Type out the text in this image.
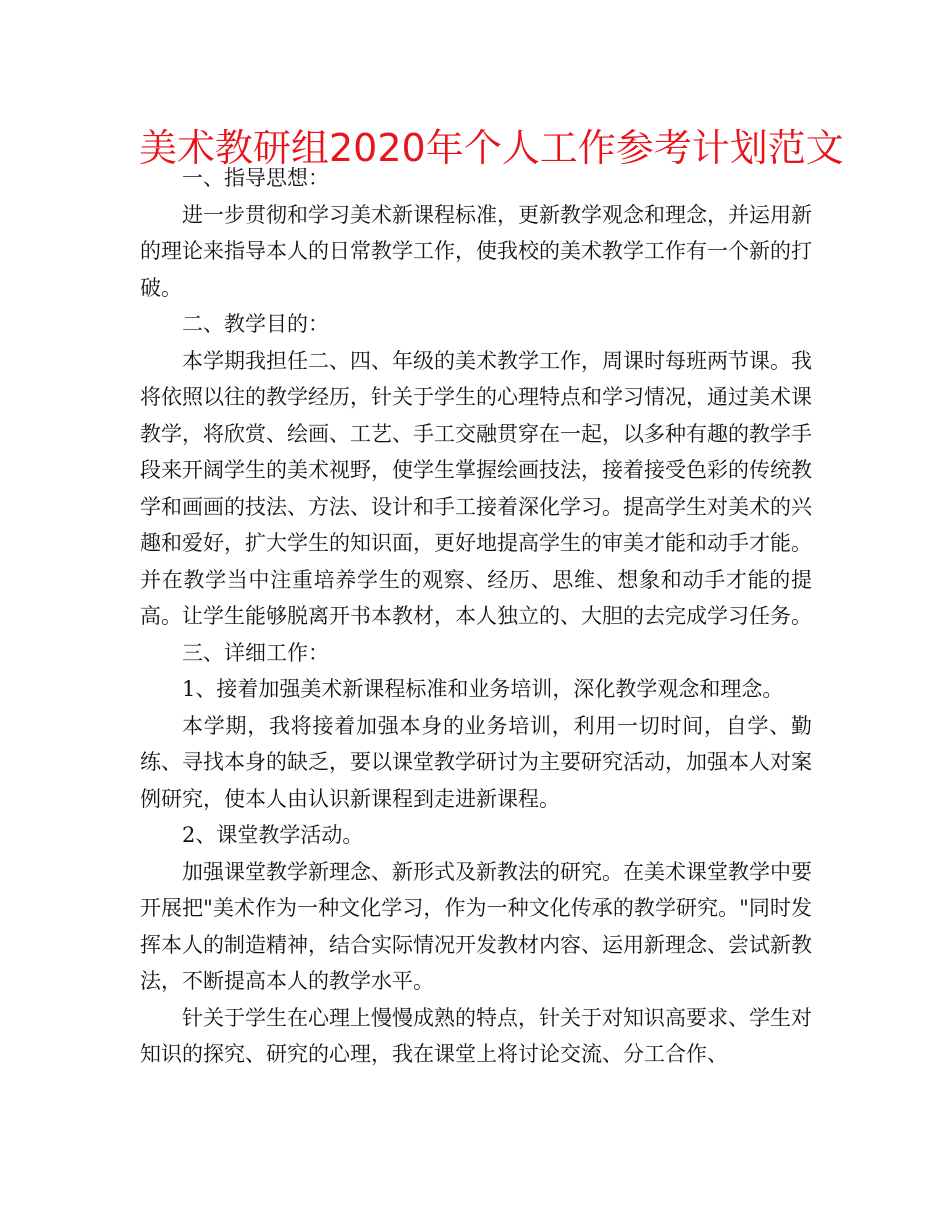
美术教研组2020年个人工作参考计划范文

一、指导思想：

进一步贯彻和学习美术新课程标准，更新教学观念和理念，并运用新的理论来指导本人的日常教学工作，使我校的美术教学工作有一个新的打破。

二、教学目的：

本学期我担任二、四、年级的美术教学工作，周课时每班两节课。我将依照以往的教学经历，针关于学生的心理特点和学习情况，通过美术课教学，将欣赏、绘画、工艺、手工交融贯穿在一起，以多种有趣的教学手段来开阔学生的美术视野，使学生掌握绘画技法，接着接受色彩的传统教学和画画的技法、方法、设计和手工接着深化学习。提高学生对美术的兴趣和爱好，扩大学生的知识面，更好地提高学生的审美才能和动手才能。并在教学当中注重培养学生的观察、经历、思维、想象和动手才能的提高。让学生能够脱离开书本教材，本人独立的、大胆的去完成学习任务。

三、详细工作：

1、接着加强美术新课程标准和业务培训，深化教学观念和理念。

本学期，我将接着加强本身的业务培训，利用一切时间，自学、勤练、寻找本身的缺乏，要以课堂教学研讨为主要研究活动，加强本人对案例研究，使本人由认识新课程到走进新课程。

2、课堂教学活动。

加强课堂教学新理念、新形式及新教法的研究。在美术课堂教学中要开展把"美术作为一种文化学习，作为一种文化传承的教学研究。"同时发挥本人的制造精神，结合实际情况开发教材内容、运用新理念、尝试新教法，不断提高本人的教学水平。

针关于学生在心理上慢慢成熟的特点，针关于对知识高要求、学生对知识的探究、研究的心理，我在课堂上将讨论交流、分工合作、
